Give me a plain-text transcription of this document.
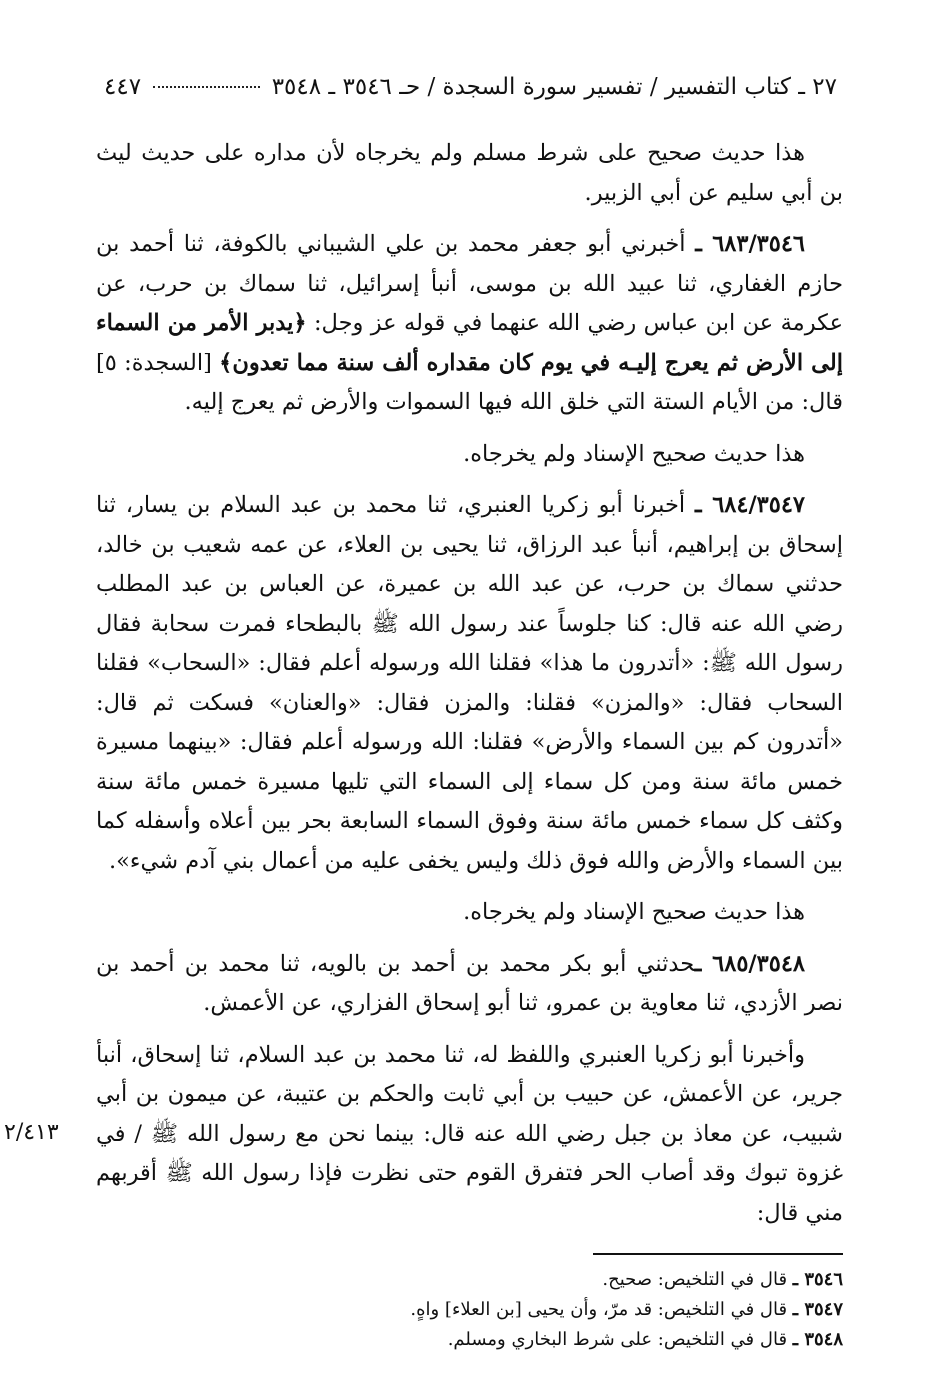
٢٧ ـ كتاب التفسير / تفسير سورة السجدة / حـ ٣٥٤٦ ـ ٣٥٤٨
٤٤٧

هذا حديث صحيح على شرط مسلم ولم يخرجاه لأن مداره على حديث ليث بن أبي سليم عن أبي الزبير.

٦٨٣/٣٥٤٦ ـ أخبرني أبو جعفر محمد بن علي الشيباني بالكوفة، ثنا أحمد بن حازم الغفاري، ثنا عبيد الله بن موسى، أنبأ إسرائيل، ثنا سماك بن حرب، عن عكرمة عن ابن عباس رضي الله عنهما في قوله عز وجل: ﴿يدبر الأمر من السماء إلى الأرض ثم يعرج إليـه في يوم كان مقداره ألف سنة مما تعدون﴾ [السجدة: ٥] قال: من الأيام الستة التي خلق الله فيها السموات والأرض ثم يعرج إليه.

هذا حديث صحيح الإسناد ولم يخرجاه.

٦٨٤/٣٥٤٧ ـ أخبرنا أبو زكريا العنبري، ثنا محمد بن عبد السلام بن يسار، ثنا إسحاق بن إبراهيم، أنبأ عبد الرزاق، ثنا يحيى بن العلاء، عن عمه شعيب بن خالد، حدثني سماك بن حرب، عن عبد الله بن عميرة، عن العباس بن عبد المطلب رضي الله عنه قال: كنا جلوساً عند رسول الله ﷺ بالبطحاء فمرت سحابة فقال رسول الله ﷺ: «أتدرون ما هذا» فقلنا الله ورسوله أعلم فقال: «السحاب» فقلنا السحاب فقال: «والمزن» فقلنا: والمزن فقال: «والعنان» فسكت ثم قال: «أتدرون كم بين السماء والأرض» فقلنا: الله ورسوله أعلم فقال: «بينهما مسيرة خمس مائة سنة ومن كل سماء إلى السماء التي تليها مسيرة خمس مائة سنة وكثف كل سماء خمس مائة سنة وفوق السماء السابعة بحر بين أعلاه وأسفله كما بين السماء والأرض والله فوق ذلك وليس يخفى عليه من أعمال بني آدم شيء».

هذا حديث صحيح الإسناد ولم يخرجاه.

٦٨٥/٣٥٤٨ ـحدثني أبو بكر محمد بن أحمد بن بالويه، ثنا محمد بن أحمد بن نصر الأزدي، ثنا معاوية بن عمرو، ثنا أبو إسحاق الفزاري، عن الأعمش.

وأخبرنا أبو زكريا العنبري واللفظ له، ثنا محمد بن عبد السلام، ثنا إسحاق، أنبأ جرير، عن الأعمش، عن حبيب بن أبي ثابت والحكم بن عتيبة، عن ميمون بن أبي شبيب، عن معاذ بن جبل رضي الله عنه قال: بينما نحن مع رسول الله ﷺ / في غزوة تبوك وقد أصاب الحر فتفرق القوم حتى نظرت فإذا رسول الله ﷺ أقربهم مني قال:

٣٥٤٦ ـ قال في التلخيص: صحيح.
٣٥٤٧ ـ قال في التلخيص: قد مرّ، وأن يحيى [بن العلاء] واهٍ.
٣٥٤٨ ـ قال في التلخيص: على شرط البخاري ومسلم.
٢/٤١٣
